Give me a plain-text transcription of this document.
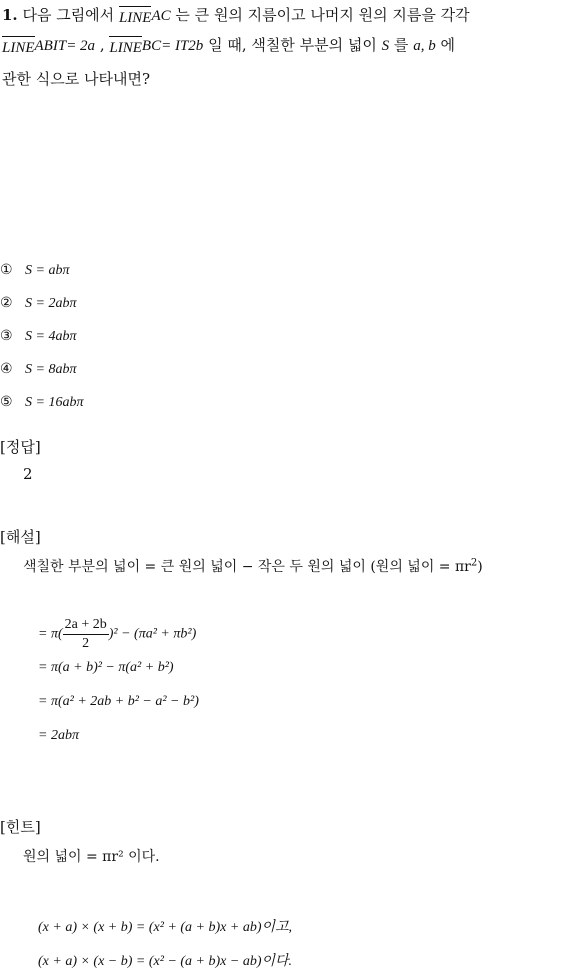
1. 다음 그림에서 LINE AC 는 큰 원의 지름이고 나머지 원의 지름을 각각
LINE ABIT= 2a , LINE BC= IT2b 일 때, 색칠한 부분의 넓이 S 를 a, b 에
관한 식으로 나타내면?
① S = abπ
② S = 2abπ
③ S = 4abπ
④ S = 8abπ
⑤ S = 16abπ
[정답]
2
[해설]
색칠한 부분의 넓이 = 큰 원의 넓이 − 작은 두 원의 넓이 (원의 넓이 = $\pi r^2$)
= $\pi( \frac{2a + 2b}{2} )^2 - (\pi a^2 + \pi b^2)$
= π(a + b)² − π(a² + b²)
= π(a² + 2ab + b² − a² − b²)
= 2abπ
[힌트]
원의 넓이 = πr² 이다.
(x + a) × (x + b) = (x² + (a + b)x + ab)이고,
(x + a) × (x − b) = (x² − (a + b)x − ab)이다.
